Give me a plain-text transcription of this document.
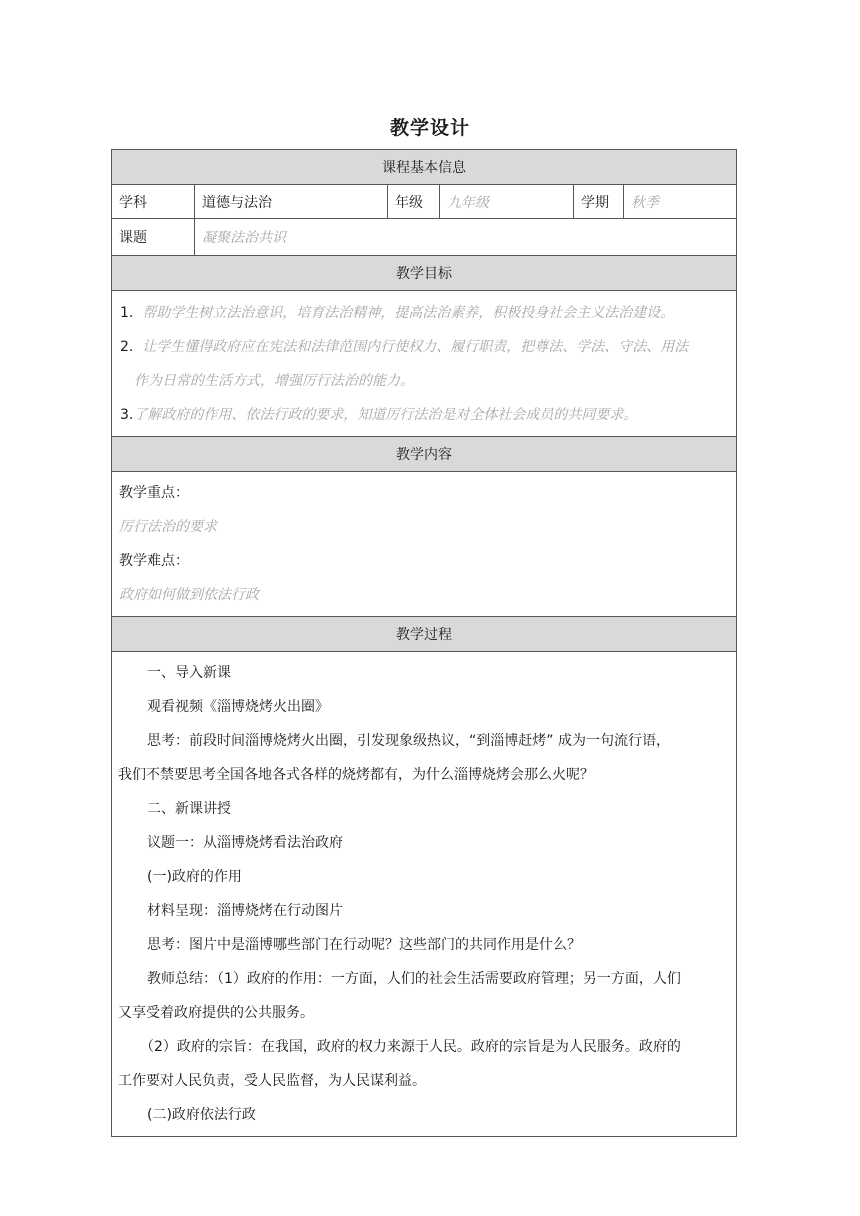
教学设计
课程基本信息
学科	道德与法治	年级	九年级	学期	秋季
课题	凝聚法治共识
教学目标

1. 帮助学生树立法治意识，培育法治精神，提高法治素养，积极投身社会主义法治建设。

2. 让学生懂得政府应在宪法和法律范围内行使权力、履行职责，把尊法、学法、守法、用法

作为日常的生活方式，增强厉行法治的能力。

3.了解政府的作用、依法行政的要求，知道厉行法治是对全体社会成员的共同要求。

教学内容

教学重点：

厉行法治的要求

教学难点：

政府如何做到依法行政

教学过程

一、导入新课

观看视频《淄博烧烤火出圈》

思考：前段时间淄博烧烤火出圈，引发现象级热议，“到淄博赶烤” 成为一句流行语，

我们不禁要思考全国各地各式各样的烧烤都有，为什么淄博烧烤会那么火呢？

二、新课讲授

议题一：从淄博烧烤看法治政府

(一)政府的作用

材料呈现：淄博烧烤在行动图片

思考：图片中是淄博哪些部门在行动呢？这些部门的共同作用是什么？

教师总结：（1）政府的作用：一方面，人们的社会生活需要政府管理；另一方面，人们

又享受着政府提供的公共服务。

（2）政府的宗旨：在我国，政府的权力来源于人民。政府的宗旨是为人民服务。政府的

工作要对人民负责，受人民监督，为人民谋利益。

(二)政府依法行政
